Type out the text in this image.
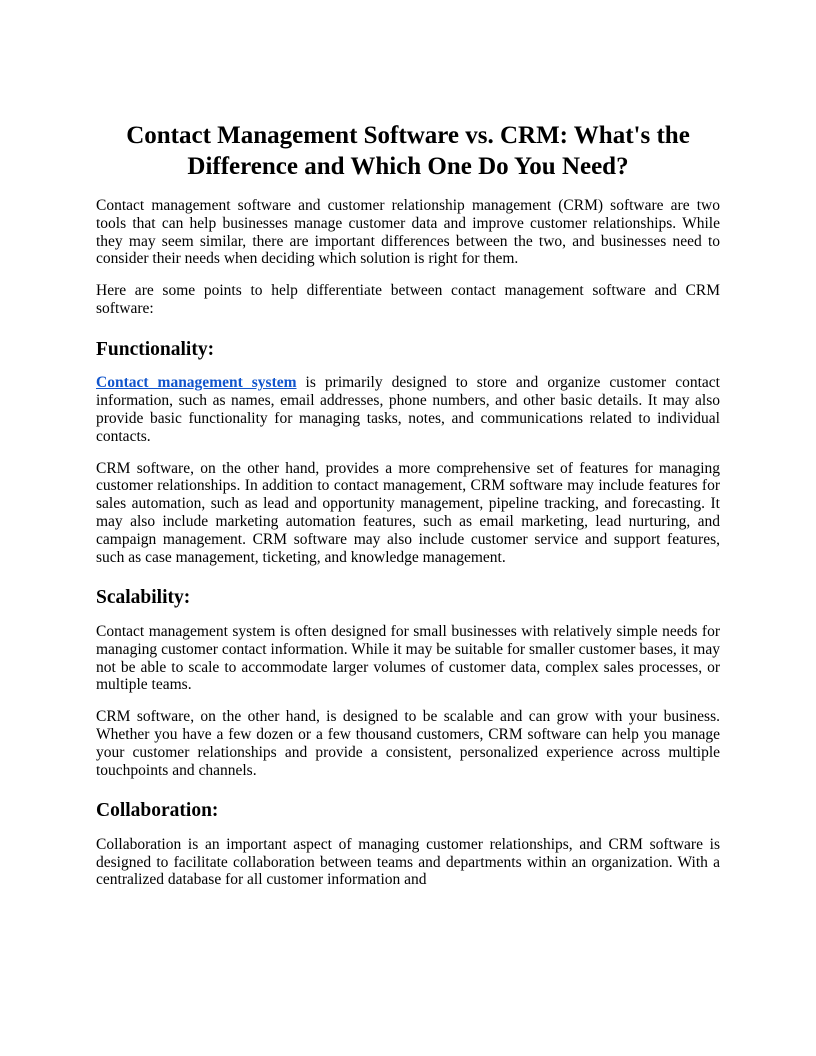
Contact Management Software vs. CRM: What's the Difference and Which One Do You Need?

Contact management software and customer relationship management (CRM) software are two tools that can help businesses manage customer data and improve customer relationships. While they may seem similar, there are important differences between the two, and businesses need to consider their needs when deciding which solution is right for them.

Here are some points to help differentiate between contact management software and CRM software:

Functionality:

Contact management system is primarily designed to store and organize customer contact information, such as names, email addresses, phone numbers, and other basic details. It may also provide basic functionality for managing tasks, notes, and communications related to individual contacts.

CRM software, on the other hand, provides a more comprehensive set of features for managing customer relationships. In addition to contact management, CRM software may include features for sales automation, such as lead and opportunity management, pipeline tracking, and forecasting. It may also include marketing automation features, such as email marketing, lead nurturing, and campaign management. CRM software may also include customer service and support features, such as case management, ticketing, and knowledge management.

Scalability:

Contact management system is often designed for small businesses with relatively simple needs for managing customer contact information. While it may be suitable for smaller customer bases, it may not be able to scale to accommodate larger volumes of customer data, complex sales processes, or multiple teams.

CRM software, on the other hand, is designed to be scalable and can grow with your business. Whether you have a few dozen or a few thousand customers, CRM software can help you manage your customer relationships and provide a consistent, personalized experience across multiple touchpoints and channels.

Collaboration:

Collaboration is an important aspect of managing customer relationships, and CRM software is designed to facilitate collaboration between teams and departments within an organization. With a centralized database for all customer information and
